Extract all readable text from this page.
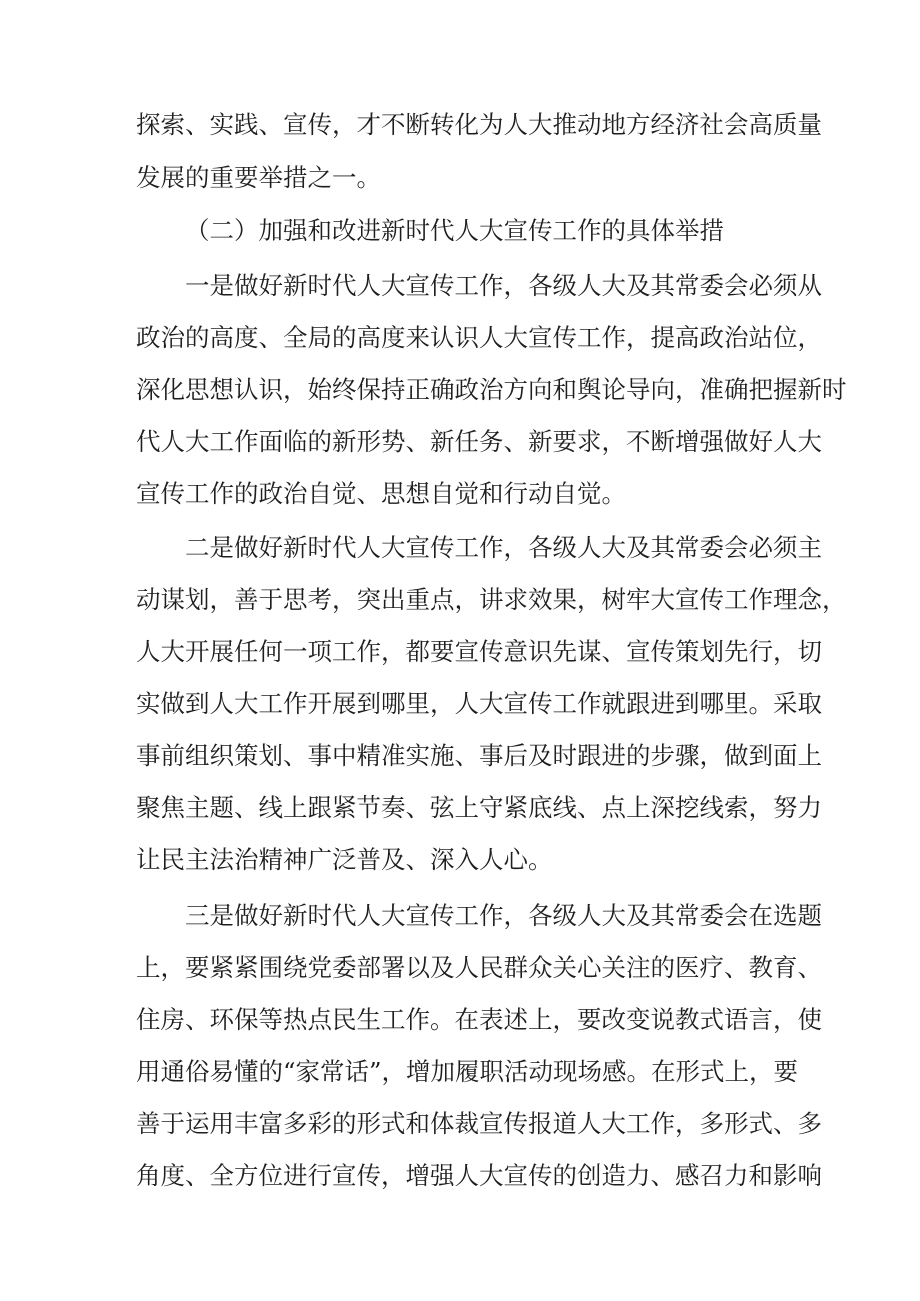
探索、实践、宣传，才不断转化为人大推动地方经济社会高质量
发展的重要举措之一。
（二）加强和改进新时代人大宣传工作的具体举措
一是做好新时代人大宣传工作，各级人大及其常委会必须从
政治的高度、全局的高度来认识人大宣传工作，提高政治站位，
深化思想认识，始终保持正确政治方向和舆论导向，准确把握新时
代人大工作面临的新形势、新任务、新要求，不断增强做好人大
宣传工作的政治自觉、思想自觉和行动自觉。
二是做好新时代人大宣传工作，各级人大及其常委会必须主
动谋划，善于思考，突出重点，讲求效果，树牢大宣传工作理念，
人大开展任何一项工作，都要宣传意识先谋、宣传策划先行，切
实做到人大工作开展到哪里，人大宣传工作就跟进到哪里。采取
事前组织策划、事中精准实施、事后及时跟进的步骤，做到面上
聚焦主题、线上跟紧节奏、弦上守紧底线、点上深挖线索，努力
让民主法治精神广泛普及、深入人心。
三是做好新时代人大宣传工作，各级人大及其常委会在选题
上，要紧紧围绕党委部署以及人民群众关心关注的医疗、教育、
住房、环保等热点民生工作。在表述上，要改变说教式语言，使
用通俗易懂的“家常话”，增加履职活动现场感。在形式上，要
善于运用丰富多彩的形式和体裁宣传报道人大工作，多形式、多
角度、全方位进行宣传，增强人大宣传的创造力、感召力和影响
